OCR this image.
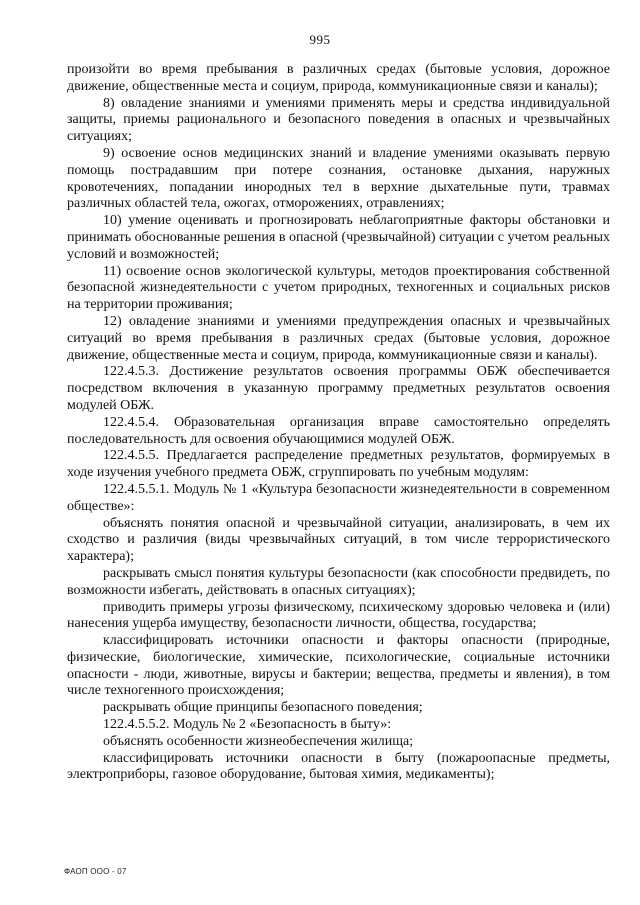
995

произойти во время пребывания в различных средах (бытовые условия, дорожное движение, общественные места и социум, природа, коммуникационные связи и каналы);

8) овладение знаниями и умениями применять меры и средства индивидуальной защиты, приемы рационального и безопасного поведения в опасных и чрезвычайных ситуациях;

9) освоение основ медицинских знаний и владение умениями оказывать первую помощь пострадавшим при потере сознания, остановке дыхания, наружных кровотечениях, попадании инородных тел в верхние дыхательные пути, травмах различных областей тела, ожогах, отморожениях, отравлениях;

10) умение оценивать и прогнозировать неблагоприятные факторы обстановки и принимать обоснованные решения в опасной (чрезвычайной) ситуации с учетом реальных условий и возможностей;

11) освоение основ экологической культуры, методов проектирования собственной безопасной жизнедеятельности с учетом природных, техногенных и социальных рисков на территории проживания;

12) овладение знаниями и умениями предупреждения опасных и чрезвычайных ситуаций во время пребывания в различных средах (бытовые условия, дорожное движение, общественные места и социум, природа, коммуникационные связи и каналы).

122.4.5.3. Достижение результатов освоения программы ОБЖ обеспечивается посредством включения в указанную программу предметных результатов освоения модулей ОБЖ.

122.4.5.4. Образовательная организация вправе самостоятельно определять последовательность для освоения обучающимися модулей ОБЖ.

122.4.5.5. Предлагается распределение предметных результатов, формируемых в ходе изучения учебного предмета ОБЖ, сгруппировать по учебным модулям:

122.4.5.5.1. Модуль № 1 «Культура безопасности жизнедеятельности в современном обществе»:

объяснять понятия опасной и чрезвычайной ситуации, анализировать, в чем их сходство и различия (виды чрезвычайных ситуаций, в том числе террористического характера);

раскрывать смысл понятия культуры безопасности (как способности предвидеть, по возможности избегать, действовать в опасных ситуациях);

приводить примеры угрозы физическому, психическому здоровью человека и (или) нанесения ущерба имуществу, безопасности личности, общества, государства;

классифицировать источники опасности и факторы опасности (природные, физические, биологические, химические, психологические, социальные источники опасности - люди, животные, вирусы и бактерии; вещества, предметы и явления), в том числе техногенного происхождения;

раскрывать общие принципы безопасного поведения;

122.4.5.5.2. Модуль № 2 «Безопасность в быту»:

объяснять особенности жизнеобеспечения жилища;

классифицировать источники опасности в быту (пожароопасные предметы, электроприборы, газовое оборудование, бытовая химия, медикаменты);

ФАОП ООО - 07
